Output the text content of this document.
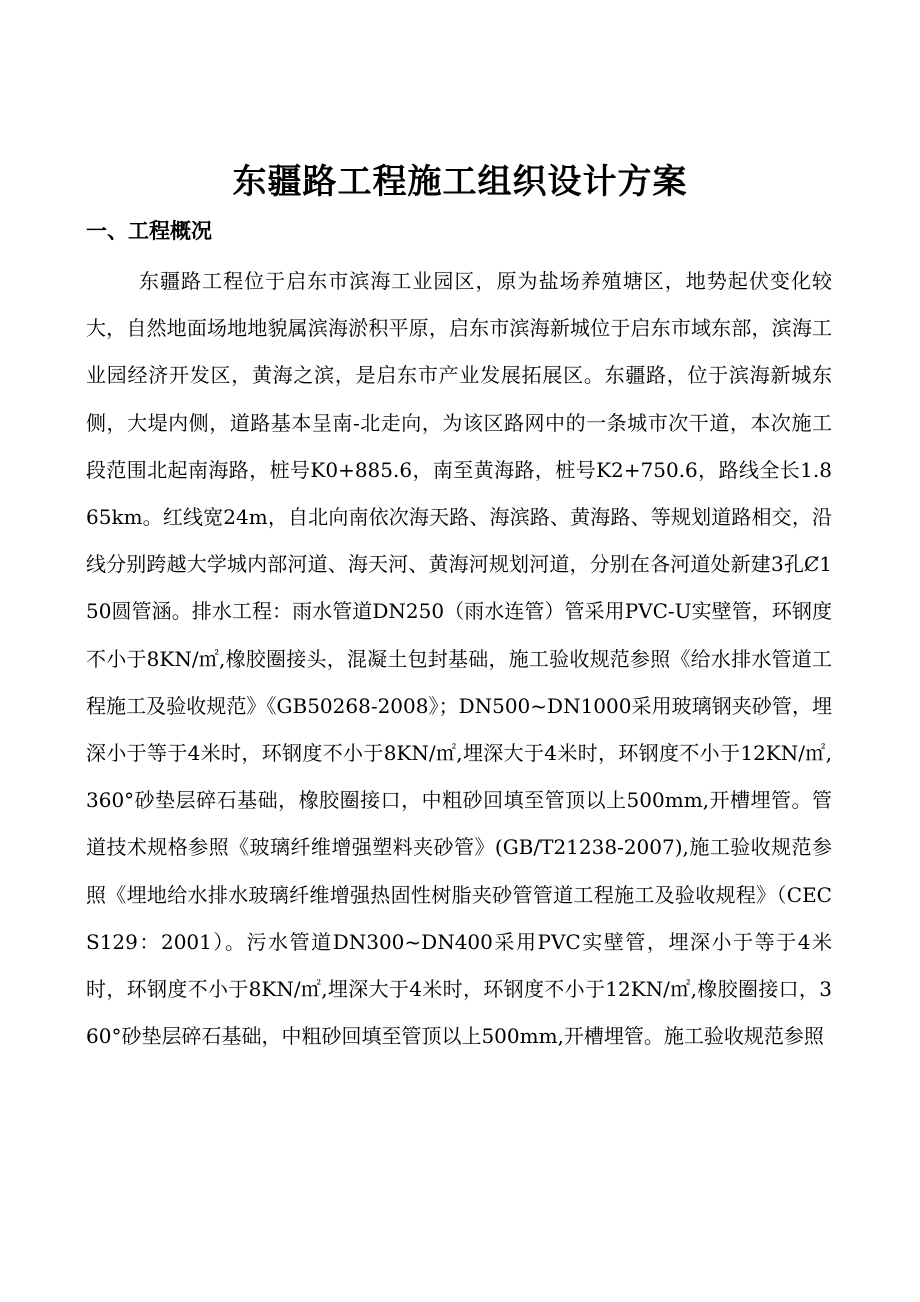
东疆路工程施工组织设计方案
一、工程概况

东疆路工程位于启东市滨海工业园区，原为盐场养殖塘区，地势起伏变化较大，自然地面场地地貌属滨海淤积平原，启东市滨海新城位于启东市域东部，滨海工业园经济开发区，黄海之滨，是启东市产业发展拓展区。东疆路，位于滨海新城东侧，大堤内侧，道路基本呈南-北走向，为该区路网中的一条城市次干道，本次施工段范围北起南海路，桩号K0+885.6，南至黄海路，桩号K2+750.6，路线全长1.865km。红线宽24m，自北向南依次海天路、海滨路、黄海路、等规划道路相交，沿线分别跨越大学城内部河道、海天河、黄海河规划河道，分别在各河道处新建3孔Ȼ150圆管涵。排水工程：雨水管道DN250（雨水连管）管采用PVC-U实壁管，环钢度不小于8KN/㎡,橡胶圈接头，混凝土包封基础，施工验收规范参照《给水排水管道工程施工及验收规范》《GB50268-2008》；DN500~DN1000采用玻璃钢夹砂管，埋深小于等于4米时，环钢度不小于8KN/㎡,埋深大于4米时，环钢度不小于12KN/㎡,360°砂垫层碎石基础，橡胶圈接口，中粗砂回填至管顶以上500mm,开槽埋管。管道技术规格参照《玻璃纤维增强塑料夹砂管》(GB/T21238-2007),施工验收规范参照《埋地给水排水玻璃纤维增强热固性树脂夹砂管管道工程施工及验收规程》（CECS129：2001）。污水管道DN300~DN400采用PVC实壁管，埋深小于等于4米时，环钢度不小于8KN/㎡,埋深大于4米时，环钢度不小于12KN/㎡,橡胶圈接口，360°砂垫层碎石基础，中粗砂回填至管顶以上500mm,开槽埋管。施工验收规范参照
